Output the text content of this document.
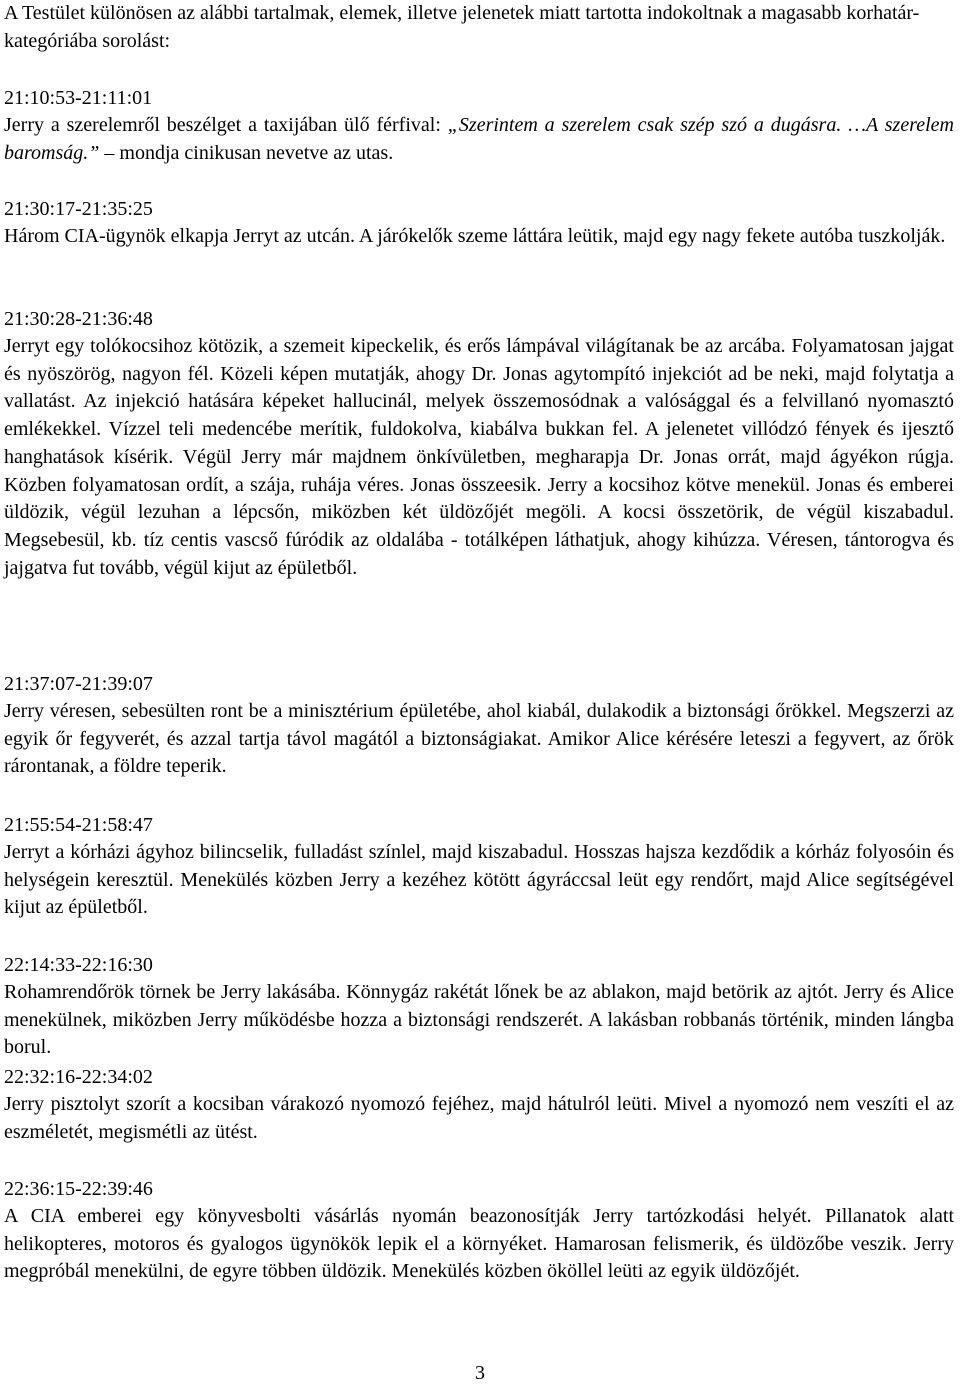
A Testület különösen az alábbi tartalmak, elemek, illetve jelenetek miatt tartotta indokoltnak a magasabb korhatár-kategóriába sorolást:

21:10:53-21:11:01

Jerry a szerelemről beszélget a taxijában ülő férfival: „Szerintem a szerelem csak szép szó a dugásra. …A szerelem baromság.” – mondja cinikusan nevetve az utas.

21:30:17-21:35:25

Három CIA-ügynök elkapja Jerryt az utcán. A járókelők szeme láttára leütik, majd egy nagy fekete autóba tuszkolják.

21:30:28-21:36:48

Jerryt egy tolókocsihoz kötözik, a szemeit kipeckelik, és erős lámpával világítanak be az arcába. Folyamatosan jajgat és nyöszörög, nagyon fél. Közeli képen mutatják, ahogy Dr. Jonas agytompító injekciót ad be neki, majd folytatja a vallatást. Az injekció hatására képeket hallucinál, melyek összemosódnak a valósággal és a felvillanó nyomasztó emlékekkel. Vízzel teli medencébe merítik, fuldokolva, kiabálva bukkan fel. A jelenetet villódzó fények és ijesztő hanghatások kísérik. Végül Jerry már majdnem önkívületben, megharapja Dr. Jonas orrát, majd ágyékon rúgja. Közben folyamatosan ordít, a szája, ruhája véres. Jonas összeesik. Jerry a kocsihoz kötve menekül. Jonas és emberei üldözik, végül lezuhan a lépcsőn, miközben két üldözőjét megöli. A kocsi összetörik, de végül kiszabadul. Megsebesül, kb. tíz centis vascső fúródik az oldalába - totálképen láthatjuk, ahogy kihúzza. Véresen, tántorogva és jajgatva fut tovább, végül kijut az épületből.

21:37:07-21:39:07

Jerry véresen, sebesülten ront be a minisztérium épületébe, ahol kiabál, dulakodik a biztonsági őrökkel. Megszerzi az egyik őr fegyverét, és azzal tartja távol magától a biztonságiakat. Amikor Alice kérésére leteszi a fegyvert, az őrök rárontanak, a földre teperik.

21:55:54-21:58:47

Jerryt a kórházi ágyhoz bilincselik, fulladást színlel, majd kiszabadul. Hosszas hajsza kezdődik a kórház folyosóin és helységein keresztül. Menekülés közben Jerry a kezéhez kötött ágyráccsal leüt egy rendőrt, majd Alice segítségével kijut az épületből.

22:14:33-22:16:30

Rohamrendőrök törnek be Jerry lakásába. Könnygáz rakétát lőnek be az ablakon, majd betörik az ajtót. Jerry és Alice menekülnek, miközben Jerry működésbe hozza a biztonsági rendszerét. A lakásban robbanás történik, minden lángba borul.

22:32:16-22:34:02

Jerry pisztolyt szorít a kocsiban várakozó nyomozó fejéhez, majd hátulról leüti. Mivel a nyomozó nem veszíti el az eszméletét, megismétli az ütést.

22:36:15-22:39:46

A CIA emberei egy könyvesbolti vásárlás nyomán beazonosítják Jerry tartózkodási helyét. Pillanatok alatt helikopteres, motoros és gyalogos ügynökök lepik el a környéket. Hamarosan felismerik, és üldözőbe veszik. Jerry megpróbál menekülni, de egyre többen üldözik. Menekülés közben ököllel leüti az egyik üldözőjét.

3
